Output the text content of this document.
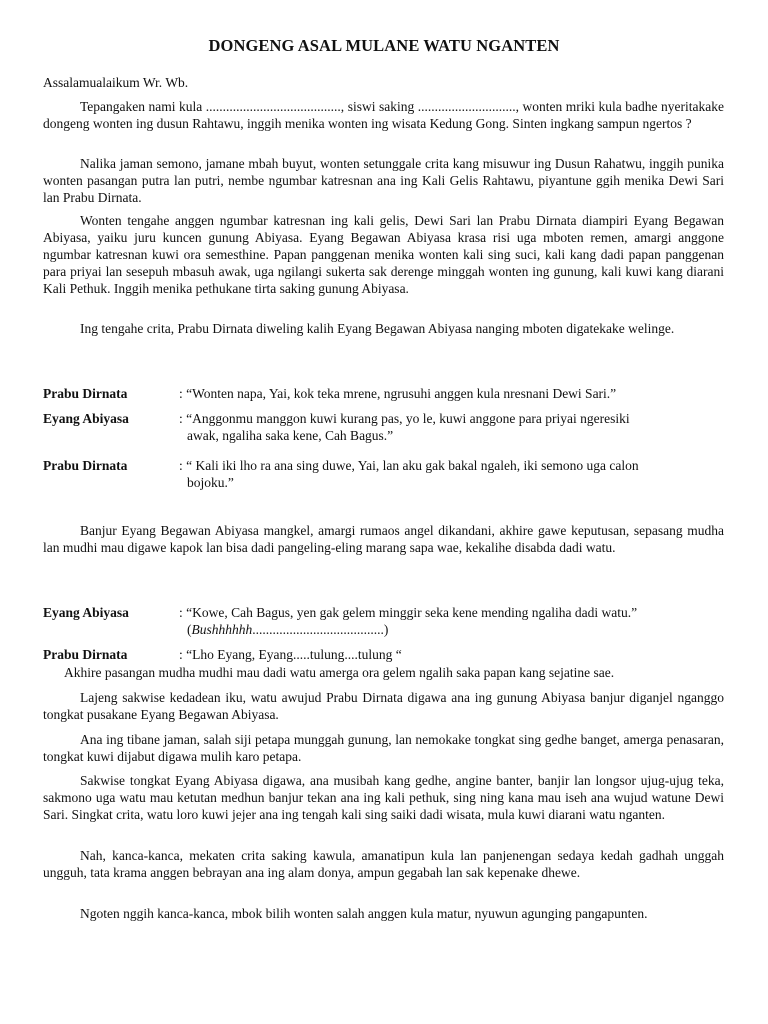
DONGENG ASAL MULANE WATU NGANTEN
Assalamualaikum Wr. Wb.

Tepangaken nami kula ........................................, siswi saking ............................., wonten mriki kula badhe nyeritakake dongeng wonten ing dusun Rahtawu, inggih menika wonten ing wisata Kedung Gong. Sinten ingkang sampun ngertos ?

Nalika jaman semono, jamane mbah buyut, wonten setunggale crita kang misuwur ing Dusun Rahatwu, inggih punika wonten pasangan putra lan putri, nembe ngumbar katresnan ana ing Kali Gelis Rahtawu, piyantune ggih menika Dewi Sari lan Prabu Dirnata.

Wonten tengahe anggen ngumbar katresnan ing kali gelis, Dewi Sari lan Prabu Dirnata diampiri Eyang Begawan Abiyasa, yaiku juru kuncen gunung Abiyasa. Eyang Begawan Abiyasa krasa risi uga mboten remen, amargi anggone ngumbar katresnan kuwi ora semesthine. Papan panggenan menika wonten kali sing suci, kali kang dadi papan panggenan para priyai lan sesepuh mbasuh awak, uga ngilangi sukerta sak derenge minggah wonten ing gunung, kali kuwi kang diarani Kali Pethuk. Inggih menika pethukane tirta saking gunung Abiyasa.

Ing tengahe crita, Prabu Dirnata diweling kalih Eyang Begawan Abiyasa nanging mboten digatekake welinge.

Prabu Dirnata	: “Wonten napa, Yai, kok teka mrene, ngrusuhi anggen kula nresnani Dewi Sari.”
Eyang Abiyasa	: “Anggonmu manggon kuwi kurang pas, yo le, kuwi anggone para priyai ngeresiki
awak, ngaliha saka kene, Cah Bagus.”
Prabu Dirnata	: “ Kali iki lho ra ana sing duwe, Yai, lan aku gak bakal ngaleh, iki semono uga calon
bojoku.”

Banjur Eyang Begawan Abiyasa mangkel, amargi rumaos angel dikandani, akhire gawe keputusan, sepasang mudha lan mudhi mau digawe kapok lan bisa dadi pangeling-eling marang sapa wae, kekalihe disabda dadi watu.

Eyang Abiyasa	: “Kowe, Cah Bagus, yen gak gelem minggir seka kene mending ngaliha dadi watu.”
(Bushhhhhh.......................................)
Prabu Dirnata	: “Lho Eyang, Eyang.....tulung....tulung “
Akhire pasangan mudha mudhi mau dadi watu amerga ora gelem ngalih saka papan kang sejatine sae.

Lajeng sakwise kedadean iku, watu awujud Prabu Dirnata digawa ana ing gunung Abiyasa banjur diganjel nganggo tongkat pusakane Eyang Begawan Abiyasa.

Ana ing tibane jaman, salah siji petapa munggah gunung, lan nemokake tongkat sing gedhe banget, amerga penasaran, tongkat kuwi dijabut digawa mulih karo petapa.

Sakwise tongkat Eyang Abiyasa digawa, ana musibah kang gedhe, angine banter, banjir lan longsor ujug-ujug teka, sakmono uga watu mau ketutan medhun banjur tekan ana ing kali pethuk, sing ning kana mau iseh ana wujud watune Dewi Sari. Singkat crita, watu loro kuwi jejer ana ing tengah kali sing saiki dadi wisata, mula kuwi diarani watu nganten.

Nah, kanca-kanca, mekaten crita saking kawula, amanatipun kula lan panjenengan sedaya kedah gadhah unggah ungguh, tata krama anggen bebrayan ana ing alam donya, ampun gegabah lan sak kepenake dhewe.

Ngoten nggih kanca-kanca, mbok bilih wonten salah anggen kula matur, nyuwun agunging pangapunten.
